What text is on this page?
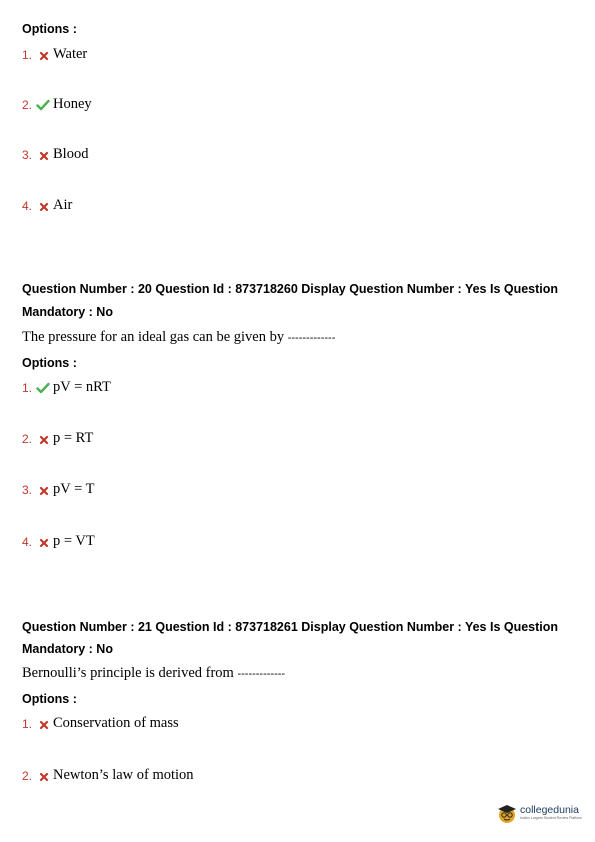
Options :
1. Water
2. Honey
3. Blood
4. Air
Question Number : 20 Question Id : 873718260 Display Question Number : Yes Is Question
Mandatory : No
The pressure for an ideal gas can be given by -------------
Options :
1. pV = nRT
2. p = RT
3. pV = T
4. p = VT
Question Number : 21 Question Id : 873718261 Display Question Number : Yes Is Question
Mandatory : No
Bernoulli’s principle is derived from -------------
Options :
1. Conservation of mass
2. Newton’s law of motion
collegedunia
India's Largest Student Review Platform
